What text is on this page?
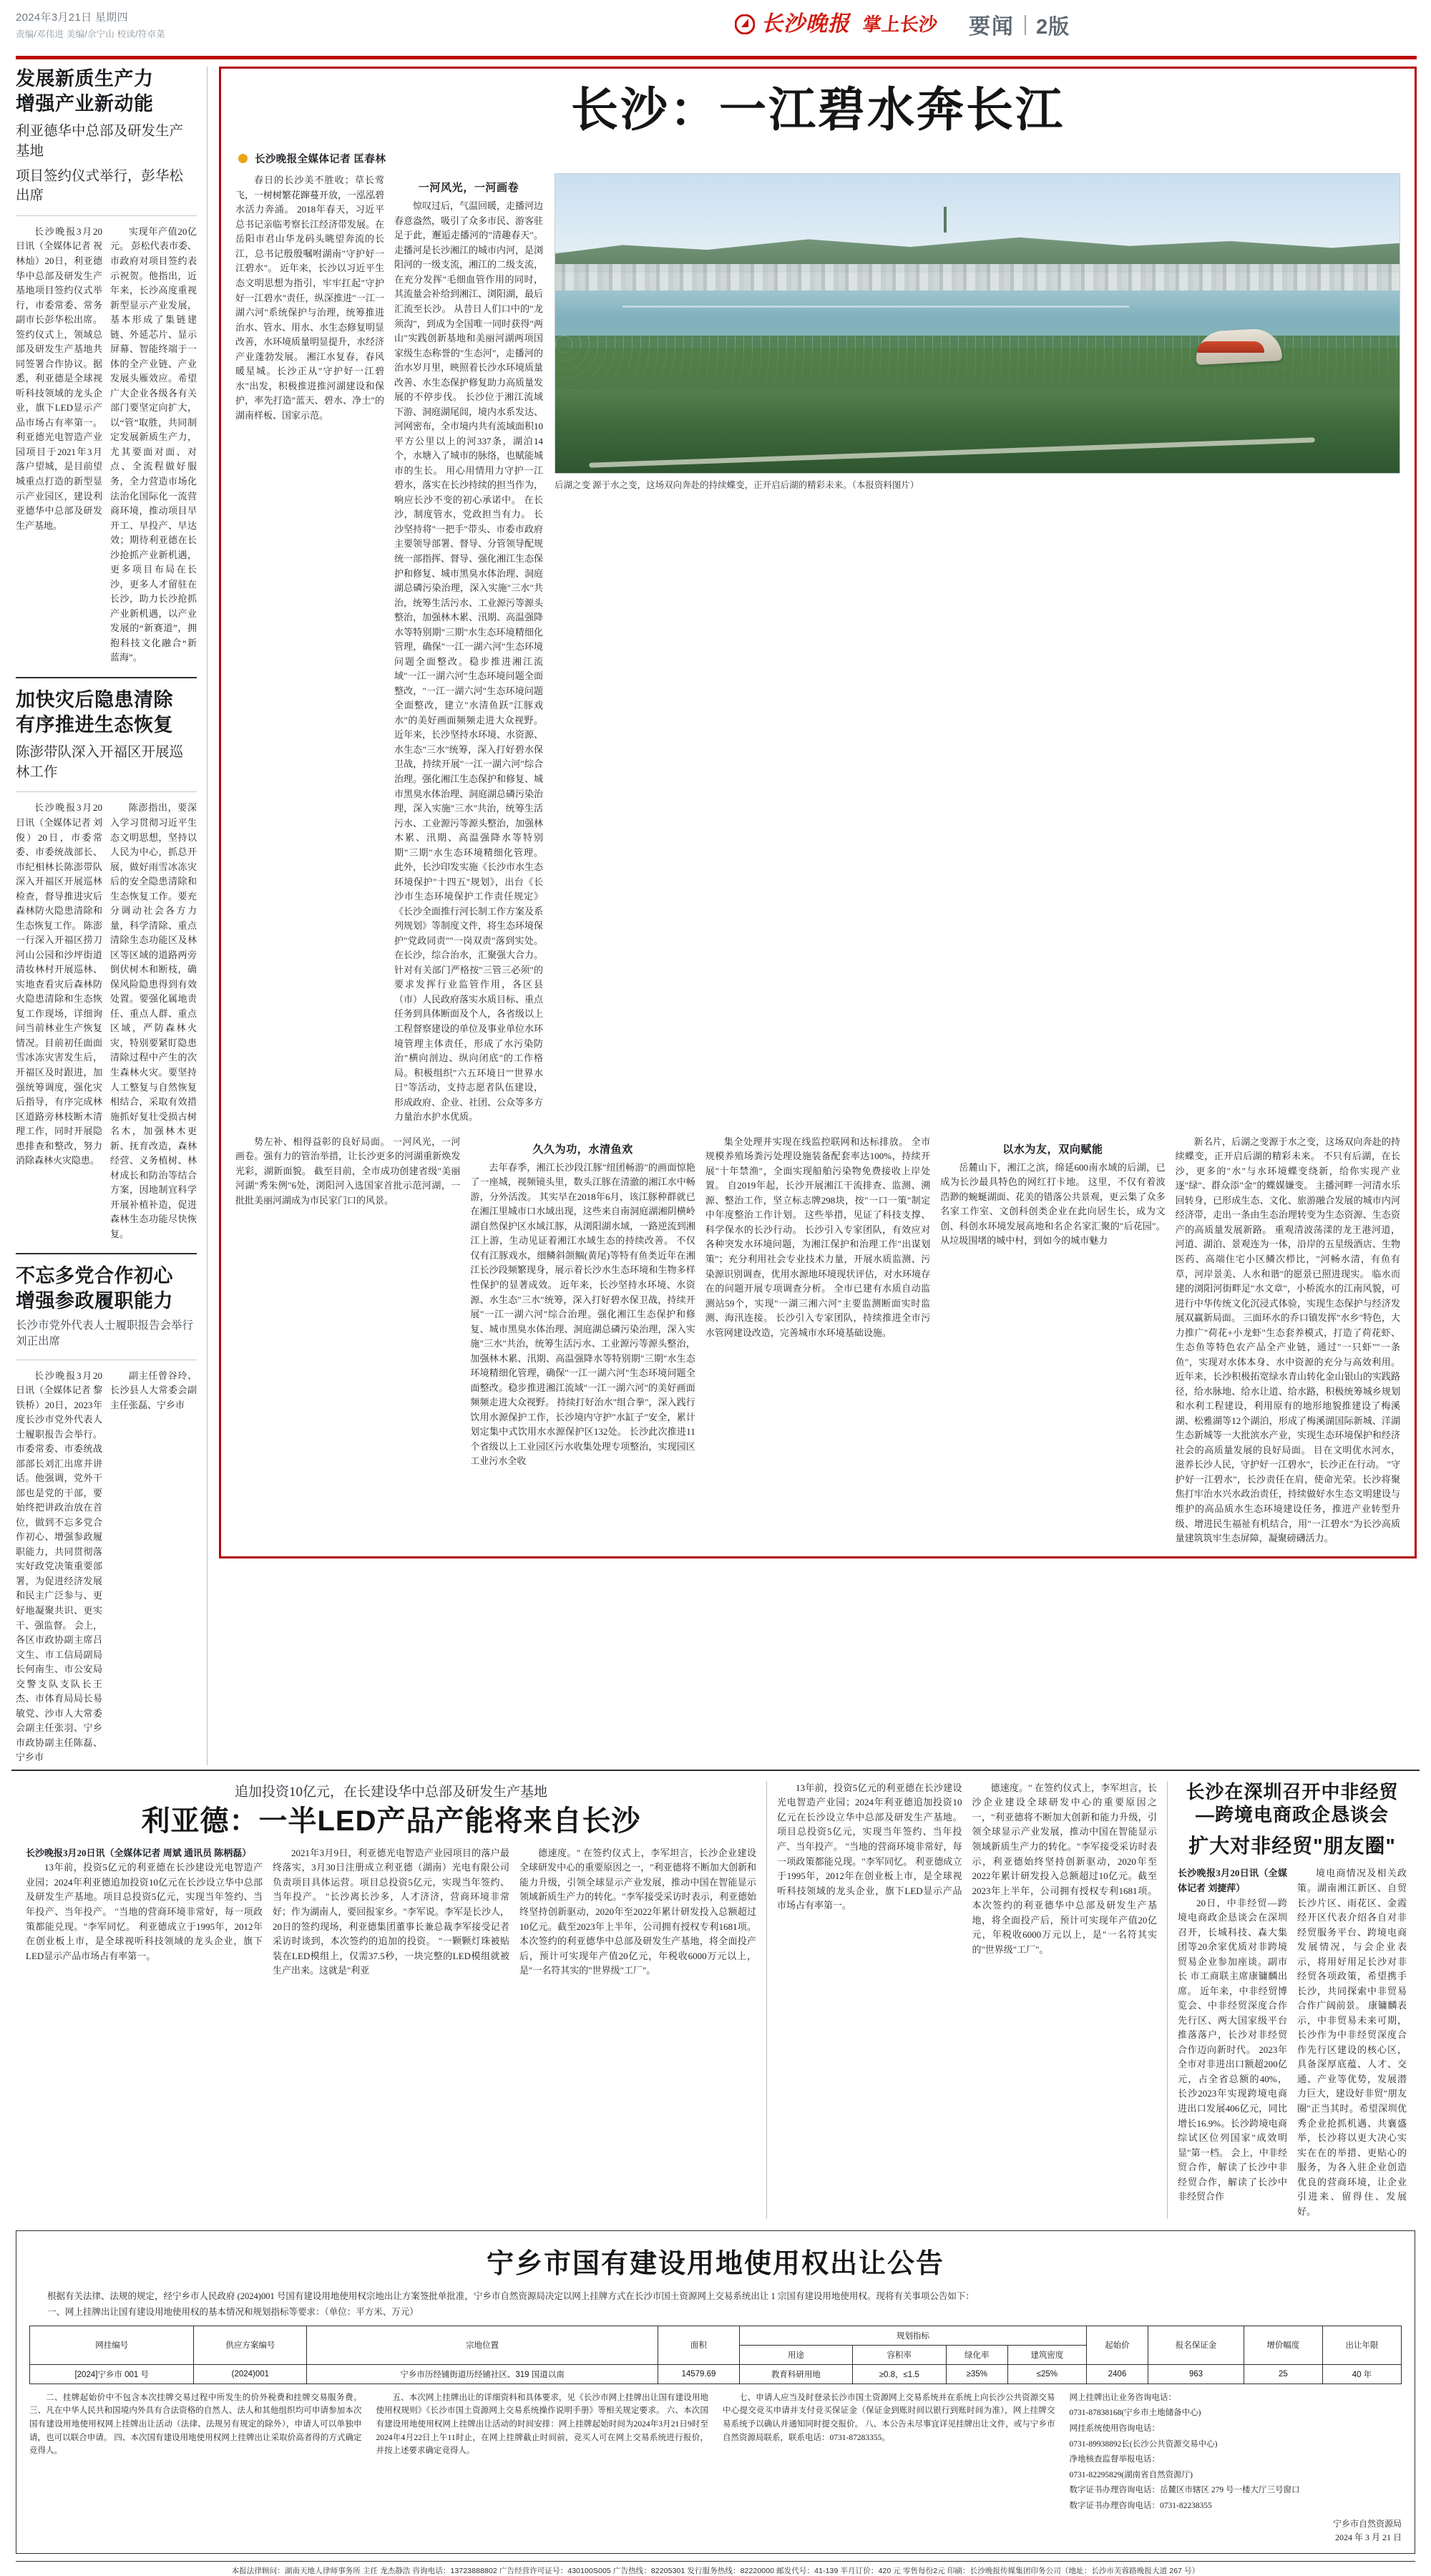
2024年3月21日 星期四
责编/邓伟进 美编/佘宁山 校读/符卓菜	长沙晚报 掌上长沙 要闻 2版
发展新质生产力
增强产业新动能
利亚德华中总部及研发生产基地
项目签约仪式举行，彭华松出席
长沙晚报3月20日讯（全媒体记者 祝林灿）20日，利亚德华中总部及研发生产基地项目签约仪式举行，市委常委、常务副市长彭华松出席。签约仪式上，领域总部及研发生产基地共同签署合作协议。据悉，利亚德是全球视听科技领域的龙头企业，旗下LED显示产品市场占有率第一。利亚德光电智造产业园项目于2021年3月落户望城，是目前望城重点打造的新型显示产业园区，建设利亚德华中总部及研发生产基地。
实现年产值20亿元。 彭松代表市委、市政府对项目签约表示祝贺。他指出，近年来，长沙高度重视新型显示产业发展，基本形成了集链建链、外延芯片、显示屏幕、智能终端于一体的全产业链、产业发展头雁效应。希望广大企业各级各有关部门要坚定向扩大，以“管”取胜，共同制定发展新质生产力，尤其要面对面、对点、全流程做好服务，全力营造市场化法治化国际化一流营商环境，推动项目早开工、早投产、早达效；期待利亚德在长沙抢抓产业新机遇，更多项目布局在长沙，更多人才留驻在长沙，助力长沙抢抓产业新机遇，以产业发展的“新赛道”，拥抱科技文化融合“新蓝海”。
加快灾后隐患清除
有序推进生态恢复
陈澎带队深入开福区开展巡林工作
长沙晚报3月20日讯（全媒体记者 刘俊）20日，市委常委、市委统战部长、市纪相林长陈澎带队深入开福区开展巡林检查，督导推进灾后森林防火隐患清除和生态恢复工作。 陈澎一行深入开福区捞刀河山公园和沙坪街道清妆林村开展巡林、实地查看灾后森林防火隐患清除和生态恢复工作现场，详细询问当前林业生产恢复情况。目前初任面面雪冰冻灾害发生后，开福区及时跟进，加强统筹调度，强化灾后指导，有序完成林区道路旁林枝断木清理工作，同时开展隐患排查和整改，努力消除森林火灾隐患。
陈澎指出，要深入学习贯彻习近平生态文明思想，坚持以人民为中心，抓总开展，做好雨雪冰冻灾后的安全隐患清除和生态恢复工作。要充分调动社会各方力量，科学清除、重点清除生态功能区及林区等区域的道路两旁倒伏树木和断枝，确保风险隐患得到有效处置。要强化属地责任、重点人群、重点区域，严防森林火灾，特别要紧盯隐患清除过程中产生的次生森林火灾。要坚持人工整复与自然恢复相结合，采取有效措施抓好复壮受损古树名木，加强林木更新、抚育改造，森林经营、义务植树、林材成长和防治等结合方案，因地制宜科学开展补植补造，促进森林生态功能尽快恢复。
不忘多党合作初心
增强参政履职能力
长沙市党外代表人士履职报告会举行 刘正出席
长沙晚报3月20日讯（全媒体记者 黎铁桥）20日，2023年度长沙市党外代表人士履职报告会举行。市委常委、市委统战部部长刘汇出席并讲话。他强调，党外干部也是党的干部，要始终把讲政治放在首位，做到不忘多党合作初心、增强参政履职能力，共同贯彻落实好政党决策重要部署，为促进经济发展和民主广泛参与、更好地凝聚共识、更实干、强监督。 会上，各区市政协副主席吕文生、市工信局副局长何南生、市公安局交警支队支队长王杰、市体育局局长易敏党、沙市人大常委会副主任张羽、宁乡市政协副主任陈磊、宁乡市
副主任曾谷玲、长沙县人大常委会副主任张磊、宁乡市
长沙：一江碧水奔长江
长沙晚报全媒体记者 匡春林
春日的长沙美不胜收；草长莺飞，一树树繁花蹿蔓开放，一泓泓碧水活力奔涌。 2018年春天，习近平总书记亲临考察长江经济带发展。在岳阳市君山华龙码头眺望奔流的长江，总书记殷殷嘱咐湖南"守护好一江碧水"。 近年来，长沙以习近平生态文明思想为指引，牢牢扛起"守护好一江碧水"责任，纵深推进"一江一湖六河"系统保护与治理，统筹推进治水、管水、用水、水生态修复明显改善，水环境质量明显提升，水经济产业蓬勃发展。 湘江水复春，春风暖星城。长沙正从"守护好一江碧水"出发，积极推进推河湖建设和保护，率先打造"蓝天、碧水、净土"的湖南样板、国家示范。
一河风光，一河画卷
惊叹过后，气温回暖，走播河边春意盎然，吸引了众多市民、游客驻足于此，邂逅走播河的"清趣春天"。 走播河是长沙湘江的城市内河，是浏阳河的一级支流，湘江的二级支流，在充分发挥"毛细血管作用的同时，其流量会补给到湘江、浏阳湖，最后汇流至长沙。 从昔日人们口中的"龙须沟"，到成为全国唯一同时获得"两山"实践创新基地和美丽河湖两项国家级生态称誉的"生态河"，走播河的治水岁月里，映照着长沙水环境质量改善、水生态保护修复助力高质量发展的不停步伐。 长沙位于湘江流域下游、洞庭湖尾闾，境内水系发达、河网密布，全市境内共有流域面积10平方公里以上的河337条，湖泊14个，水塘入了城市的脉络，也赋能城市的生长。 用心用情用力守护一江碧水，落实在长沙持续的担当作为，响应长沙不变的初心承诺中。 在长沙，制度管水，党政担当有力。 长沙坚持将"一把手"带头、市委市政府主要领导部署、督导、分管领导配规统一部指挥、督导、强化湘江生态保护和修复、城市黑臭水体治理、洞庭湖总磷污染治理，深入实施"三水"共治，统筹生活污水、工业源污等源头整治，加强林木累、汛期、高温强降水等特别期"三期"水生态环境精细化管理，确保"一江一湖六河"生态环境问题全面整改。稳步推进湘江流域"一江一湖六河"生态环境问题全面整改，"一江一湖六河"生态环境问题全面整改，建立"水清鱼跃"江豚戏水"的美好画面频频走进大众视野。 近年来，长沙坚持水环境、水资源、水生态"三水"统筹，深入打好碧水保卫战，持续开展"一江一湖六河"综合治理。强化湘江生态保护和修复、城市黑臭水体治理、洞庭湖总磷污染治理，深入实施"三水"共治，统筹生活污水、工业源污等源头整治，加强林木累、汛期、高温强降水等特别期"三期"水生态环境精细化管理。 此外，长沙印发实施《长沙市水生态环境保护"十四五"规划》，出台《长沙市生态环境保护工作责任规定》《长沙全面推行河长制工作方案及系列规划》等制度文件，将生态环境保护"党政同责""一岗双责"落到实处。 在长沙，综合治水，汇聚强大合力。 针对有关部门严格按"三管三必须"的要求发挥行业监管作用，各区县（市）人民政府落实水质目标、重点任务到具体断面及个人，各省级以上工程督察建设的单位及事业单位水环境管理主体责任，形成了水污染防治"横向剖边、纵向闭底"的工作格局。积极组织"六五环境日""世界水日"等活动，支持志愿者队伍建设，形成政府、企业、社团、公众等多方力量治水护水优质。
后湖之变 源于水之变，这场双向奔赴的持续蝶变，正开启后湖的精彩未来。（本报资料图片）
势左补、相得益彰的良好局面。 一河风光，一河画卷。强有力的管治举措，让长沙更多的河湖重新焕发光彩，湖新面貌。 截至目前，全市成功创建省级"美丽河湖"秀朱例"6处，浏阳河入选国家首批示范河湖，一批批美丽河湖成为市民家门口的风景。
久久为功，水清鱼欢
去年春季，湘江长沙段江豚"纽团畅游"的画面惊艳了一座城，视频镜头里，数头江豚在清澈的湘江水中畅游，分外活泼。 其实早在2018年6月，该江豚种群就已在湘江里城市口水域出现，这些来自南洞庭湖湘阴横岭湖自然保护区水域江豚，从浏阳湖水域，一路逆流到湘江上游，生动见证着湘江水域生态的持续改善。 不仅仅有江豚戏水，细鳞斜颌鲴(黄尾)等特有鱼类近年在湘江长沙段频繁现身，展示着长沙水生态环境和生物多样性保护的显著成效。 近年来，长沙坚持水环境、水资源、水生态"三水"统筹，深入打好碧水保卫战，持续开展"一江一湖六河"综合治理。强化湘江生态保护和修复、城市黑臭水体治理、洞庭湖总磷污染治理，深入实施"三水"共治，统筹生活污水、工业源污等源头整治，加强林木累、汛期、高温强降水等特别期"三期"水生态环境精细化管理，确保"一江一湖六河"生态环境问题全面整改。稳步推进湘江流域"一江一湖六河"的美好画面频频走进大众视野。 持续打好治水"组合拳"，深入践行饮用水源保护工作，长沙境内守护"水缸子"安全，累计划定集中式饮用水水源保护区132处。 长沙此次推进11个省级以上工业园区污水收集处理专项整治，实现园区工业污水全收
集全处理并实现在线监控联网和达标排放。 全市规模养殖场粪污处理设施装备配套率达100%，持续开展"十年禁渔"，全面实现船舶污染物免费接收上岸处置。 自2019年起，长沙开展湘江干流排查、监测、溯源、整治工作，坚立标志牌298块，按"一口一策"制定中年度整治工作计划。 这些举措，见证了科技支撑、科学保水的长沙行动。 长沙引入专家团队，有效应对各种突发水环境问题，为湘江保护和治理工作"出谋划策"；充分利用社会专业技术力量，开展水质监测、污染源识别调查，优用水源地环境现状评估，对水环境存在的问题开展专项调查分析。 全市已建有水质自动监测站59个，实现"一湖三湘六河"主要监测断面实时监测、海汛连接。 长沙引入专家团队，持续推进全市污水管网建设改造，完善城市水环境基础设施。
以水为友，双向赋能
岳麓山下，湘江之滨，绵延600南水域的后湖，已成为长沙最具特色的网红打卡地。 这里，不仅有着波浩渺的蜿蜒湖面、花美的错落公共景观，更云集了众多名家工作室、文创科创类企业在此向居生长，成为文创、科创水环境发展高地和名企名家汇聚的"后花园"。 从垃圾围堵的城中村，到如今的城市魅力
新名片，后湖之变源于水之变，这场双向奔赴的持续蝶变，正开启后湖的精彩未来。 不只有后湖，在长沙，更多的"水"与水环境蝶变绕新，给你实现产业逐"绿"、群众添"金"的蝶媒嫌变。 主播河畔一河清水乐回转身，已形成生态、文化、旅游融合发展的城市内河经济带，走出一条由生态治理转变为生态资源、生态资产的高质量发展新路。 重观清波荡漾的龙王港河道，河道、湖泊、景观连为一体，沿岸的五星级酒店、生物医药、高端住宅小区鳞次栉比，"河畅水清，有鱼有草，河岸景美、人水和谐"的愿景已照进现实。 临水而建的浏阳河街畔足"水文章"，小桥流水的江南风貌，可进行中华传统文化沉浸式体验，实现生态保护与经济发展双赢新局面。 三面环水的乔口镇发挥"水乡"特色，大力推广"荷花+小龙虾"生态套养模式，打造了荷花虾、生态鱼等特色农产品全产业链，通过"一只虾""一条鱼"，实现对水体本身、水中资源的充分与高效利用。 近年来，长沙积极拓宽绿水青山转化金山银山的实践路径，给水脉地、给水让道、给水路，积极统筹城乡规划和水利工程建设，利用原有的地形地貌推建设了梅溪湖、松雅湖等12个湖泊，形成了梅溪湖国际新城、洋湖生态新城等一大批滨水产业，实现生态环境保护和经济社会的高质量发展的良好局面。 目在文明优水河水，滋养长沙人民，守护好一江碧水"，长沙正在行动。 "守护好一江碧水"，长沙责任在肩，使命光荣。长沙将聚焦打牢治水兴水政治责任，持续做好水生态文明建设与维护的高品质水生态环境建设任务，推进产业转型升级、增进民生福祉有机结合，用"一江碧水"为长沙高质量建筑筑牢生态屏障，凝聚磅礴活力。
追加投资10亿元，在长建设华中总部及研发生产基地
利亚德：一半LED产品产能将来自长沙
长沙晚报3月20日讯（全媒体记者 周斌 通讯员 陈柄磊）
13年前，投资5亿元的利亚德在长沙建设光电智造产业园；2024年利亚德追加投资10亿元在长沙设立华中总部及研发生产基地。项目总投资5亿元，实现当年签约、当年投产、当年投产。 "当地的营商环境非常好，每一项政策都能兑现。"李军同忆。 利亚德成立于1995年，2012年在创业板上市，是全球视听科技领域的龙头企业，旗下LED显示产品市场占有率第一。
2021年3月9日，利亚德光电智造产业园项目的落户最终落实，3月30日注册成立利亚德（湖南）光电有限公司负责项目具体运营。项目总投资5亿元，实现当年签约、当年投产。 "长沙离长沙多，人才济济，营商环境非常好；作为湖南人，要回报家乡。"李军说。李军是长沙人，20日的签约现场，利亚德集团董事长兼总裁李军接受记者采访时谈到，本次签约的追加的投资。 "一颗颗灯珠被贴装在LED模组上，仅需37.5秒，一块完整的LED模组就被生产出来。这就是"利亚
德速度。" 在签约仪式上，李军坦言，长沙企业建设全球研发中心的重要原因之一，"利亚德将不断加大创新和能力升级，引领全球显示产业发展，推动中国在智能显示领域新质生产力的转化。"李军接受采访时表示，利亚德始终坚持创新驱动，2020年至2022年累计研发投入总额超过10亿元。截至2023年上半年，公司拥有授权专利1681项。 本次签约的利亚德华中总部及研发生产基地，将全面投产后，预计可实现年产值20亿元，年税收6000万元以上，是"一名符其实的"世界级"工厂"。
13年前，投资5亿元的利亚德在长沙建设光电智造产业园；2024年利亚德追加投资10亿元在长沙设立华中总部及研发生产基地。项目总投资5亿元，实现当年签约、当年投产、当年投产。 "当地的营商环境非常好，每一项政策都能兑现。"李军同忆。 利亚德成立于1995年，2012年在创业板上市，是全球视听科技领域的龙头企业，旗下LED显示产品市场占有率第一。
德速度。" 在签约仪式上，李军坦言，长沙企业建设全球研发中心的重要原因之一，"利亚德将不断加大创新和能力升级，引领全球显示产业发展，推动中国在智能显示领域新质生产力的转化。"李军接受采访时表示，利亚德始终坚持创新驱动，2020年至2022年累计研发投入总额超过10亿元。截至2023年上半年，公司拥有授权专利1681项。 本次签约的利亚德华中总部及研发生产基地，将全面投产后，预计可实现年产值20亿元，年税收6000万元以上，是"一名符其实的"世界级"工厂"。
长沙在深圳召开中非经贸—跨境电商政企恳谈会
扩大对非经贸"朋友圈"
长沙晚报3月20日讯（全媒体记者 刘捷萍）
20日，中非经贸—跨境电商政企恳谈会在深圳召开，长城科技、森大集团等20余家优质对非跨境贸易企业参加座谈。副市长 市工商联主席康镛麟出席。 近年来，中非经贸博览会、中非经贸深度合作先行区、两大国家级平台推落落户，长沙对非经贸合作迈向新时代。 2023年全市对非进出口额超200亿元，占全省总额的40%，长沙2023年实现跨境电商进出口发展406亿元，同比增长16.9%。长沙跨境电商综试区位列国家"成效明显"第一档。 会上，中非经贸合作，解读了长沙中非经贸合作，解读了长沙中非经贸合作
境电商情况及相关政策。湖南湘江新区、自贸长沙片区、雨花区、金霞经开区代表介绍各自对非经贸服务平台、跨境电商发展情况，与会企业表示，将用好用足长沙对非经贸各项政策，希望携手长沙，共同探索中非贸易合作广阔前景。 康镛麟表示，中非贸易未来可期，长沙作为中非经贸深度合作先行区建设的核心区，具备深厚底蕴、人才、交通、产业等优势，发展潜力巨大，建设好非贸"朋友圈"正当其时。希望深圳优秀企业抢抓机遇、共襄盛举，长沙将以更大决心实实在在的举措、更贴心的服务，为各入驻企业创造优良的营商环境，让企业引进来、留得住、发展好。
宁乡市国有建设用地使用权出让公告
根据有关法律、法规的规定，经宁乡市人民政府 (2024)001 号国有建设用地使用权宗地出让方案签批单批准，宁乡市自然资源局决定以网上挂牌方式在长沙市国土资源网上交易系统出让 1 宗国有建设用地使用权。现将有关事项公告如下：
一、网上挂牌出让国有建设用地使用权的基本情况和规划指标等要求：（单位：平方米、万元）
网挂编号	供应方案编号	宗地位置	面积	规划指标				起始价	报名保证金	增价幅度	出让年限
				用途	容积率	绿化率	建筑密度				
[2024]宁乡市 001 号	(2024)001	宁乡市历经铺街道历经铺社区、319 国道以南	14579.69	教育科研用地	≥0.8，≤1.5	≥35%	≤25%	2406	963	25	40 年

二、挂牌起始价中不包含本次挂牌交易过程中所发生的价外税费和挂牌交易服务费。 三、凡在中华人民共和国境内外具有合法资格的自然人、法人和其他组织均可申请参加本次国有建设用地使用权网上挂牌出让活动（法律、法规另有规定的除外），申请人可以单独申请，也可以联合申请。 四、本次国有建设用地使用权网上挂牌出让采取价高者得的方式确定竞得人。

五、本次网上挂牌出让的详细资料和具体要求，见《长沙市网上挂牌出让国有建设用地使用权规则》《长沙市国土资源网上交易系统操作说明手册》等相关规定要求。 六、本次国有建设用地使用权网上挂牌出让活动的时间安排：网上挂牌起始时间为2024年3月21日9时至2024年4月22日上午11时止，在网上挂牌截止时间前，竞买人可在网上交易系统进行报价，并按上述要求确定竞得人。

七、申请人应当及时登录长沙市国土资源网上交易系统并在系统上向长沙公共资源交易中心提交竞买申请并支付竞买保证金（保证金到账时间以银行到账时间为准），网上挂牌交易系统予以确认并通知同时提交报价。 八、本公告未尽事宜详见挂牌出让文件，或与宁乡市自然资源局联系，联系电话：0731-87283355。

网上挂牌出让业务咨询电话：

0731-87838168(宁乡市土地储备中心)

网挂系统使用咨询电话：

0731-89938892长(长沙公共资源交易中心)

净地核查监督举报电话：

0731-82295829(湖南省自然资源厅)

数字证书办理咨询电话：岳麓区市辖区 279 号一楼大厅三号窗口

数字证书办理咨询电话：0731-82238355

宁乡市自然资源局
2024 年 3 月 21 日
本报法律顾问：湖南天地人律师事务所 主任 龙杰静浩 咨询电话：13723888802 广告经营许可证号：430100S005 广告热线：82205301 发行服务热线：82220000 邮发代号：41-139 半月订价：420 元 零售每份2元 印刷：长沙晚报传媒集团印务公司（地址：长沙市芙蓉路晚报大道 267 号）
